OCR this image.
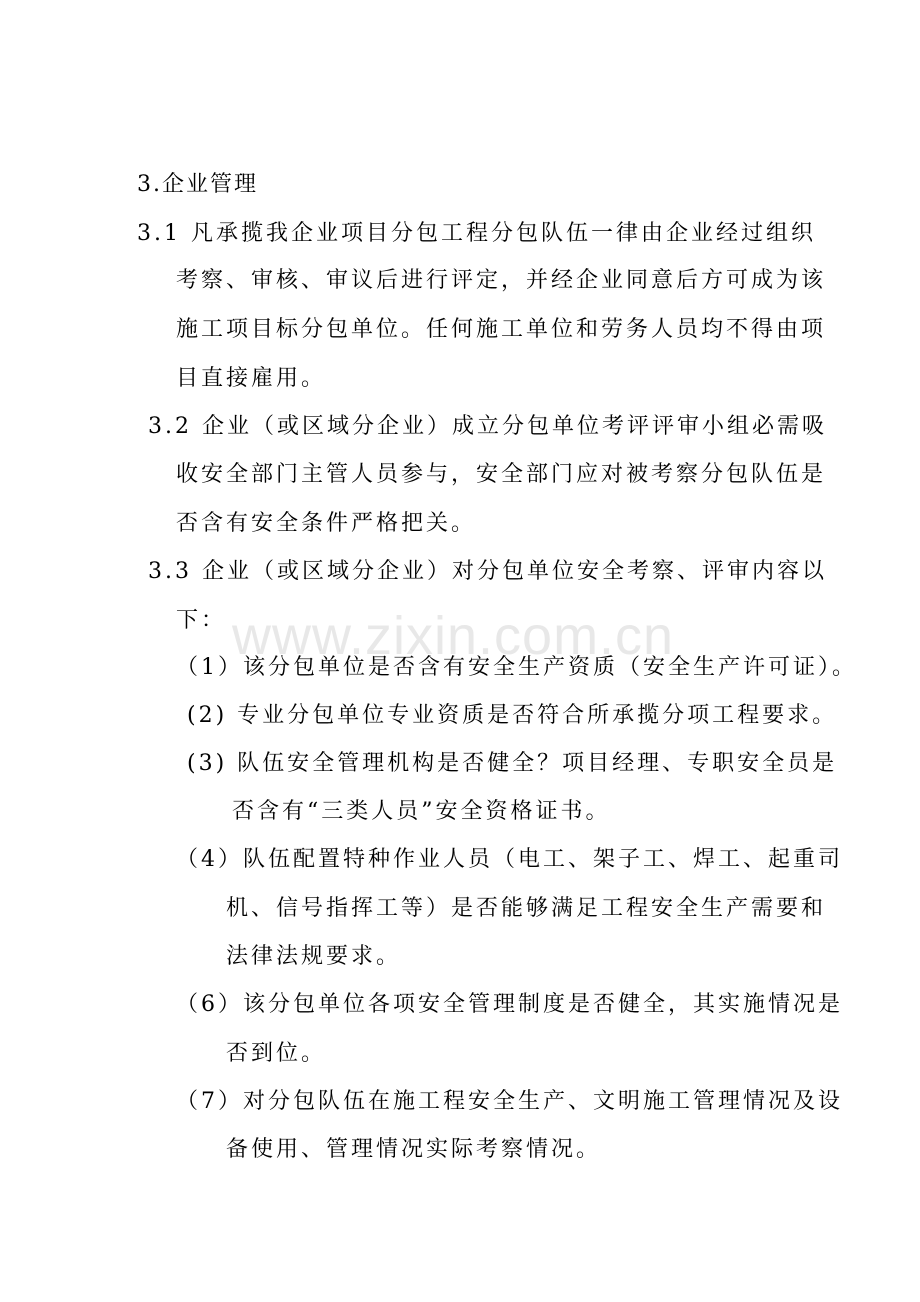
www.zixin.com.cn
3.企业管理
3.1 凡承揽我企业项目分包工程分包队伍一律由企业经过组织
考察、审核、审议后进行评定，并经企业同意后方可成为该
施工项目标分包单位。任何施工单位和劳务人员均不得由项
目直接雇用。
3.2 企业（或区域分企业）成立分包单位考评评审小组必需吸
收安全部门主管人员参与，安全部门应对被考察分包队伍是
否含有安全条件严格把关。
3.3 企业（或区域分企业）对分包单位安全考察、评审内容以
下：
（1）该分包单位是否含有安全生产资质（安全生产许可证）。
(2) 专业分包单位专业资质是否符合所承揽分项工程要求。
(3) 队伍安全管理机构是否健全？项目经理、专职安全员是
否含有“三类人员”安全资格证书。
（4）队伍配置特种作业人员（电工、架子工、焊工、起重司
机、信号指挥工等）是否能够满足工程安全生产需要和
法律法规要求。
（6）该分包单位各项安全管理制度是否健全，其实施情况是
否到位。
（7）对分包队伍在施工程安全生产、文明施工管理情况及设
备使用、管理情况实际考察情况。
